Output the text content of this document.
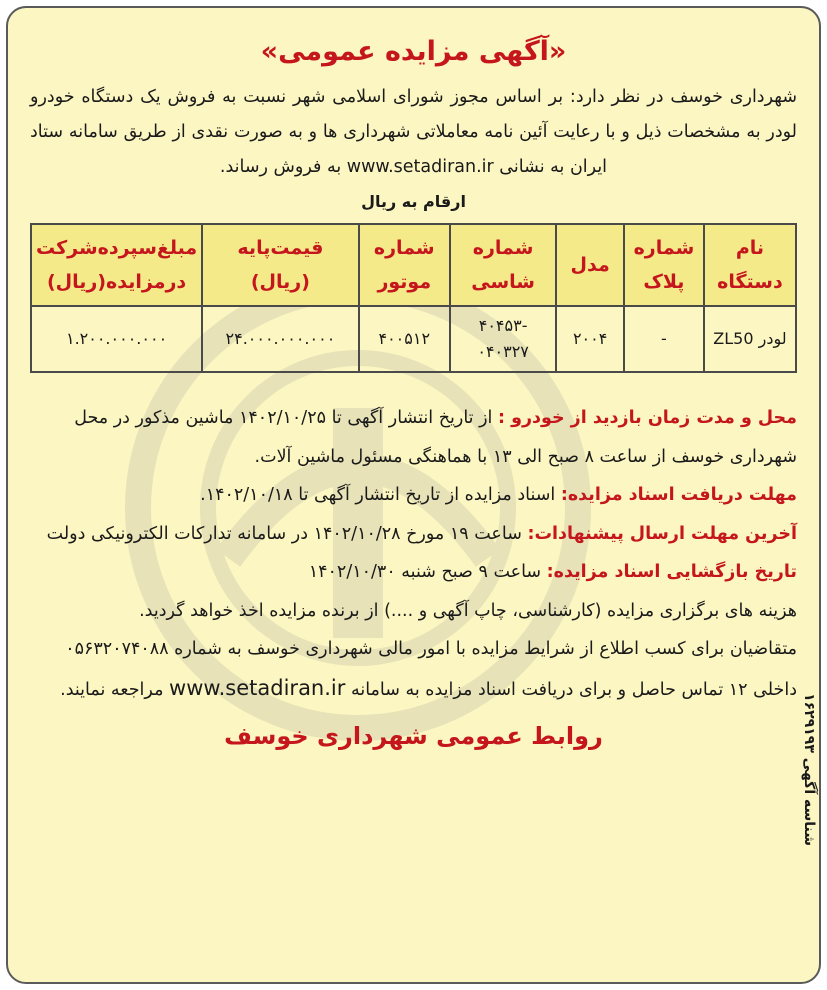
«آگهی مزایده عمومی»

شهرداری خوسف در نظر دارد: بر اساس مجوز شورای اسلامی شهر نسبت به فروش یک دستگاه خودرو لودر به مشخصات ذیل و با رعایت آئین نامه معاملاتی شهرداری ها و به صورت نقدی از طریق سامانه ستاد ایران به نشانی www.setadiran.ir به فروش رساند.

ارقام به ریال
نام دستگاه	شماره پلاک	مدل	شماره شاسی	شماره موتور	قیمت‌پایه (ریال)	مبلغ‌سپرده‌شرکت درمزایده(ریال)
لودر ZL50	-	۲۰۰۴	-۴۰۴۵۳ ۰۴۰۳۲۷	۴۰۰۵۱۲	۲۴.۰۰۰.۰۰۰.۰۰۰	۱.۲۰۰.۰۰۰.۰۰۰

محل و مدت زمان بازدید از خودرو : از تاریخ انتشار آگهی تا ۱۴۰۲/۱۰/۲۵ ماشین مذکور در محل شهرداری خوسف از ساعت ۸ صبح الی ۱۳ با هماهنگی مسئول ماشین آلات.

مهلت دریافت اسناد مزایده: اسناد مزایده از تاریخ انتشار آگهی تا ۱۴۰۲/۱۰/۱۸.

آخرین مهلت ارسال پیشنهادات: ساعت ۱۹ مورخ ۱۴۰۲/۱۰/۲۸ در سامانه تدارکات الکترونیکی دولت تاریخ بازگشایی اسناد مزایده: ساعت ۹ صبح شنبه ۱۴۰۲/۱۰/۳۰

هزینه های برگزاری مزایده (کارشناسی، چاپ آگهی و ....) از برنده مزایده اخذ خواهد گردید.

متقاضیان برای کسب اطلاع از شرایط مزایده با امور مالی شهرداری خوسف به شماره ۰۵۶۳۲۰۷۴۰۸۸ داخلی ۱۲ تماس حاصل و برای دریافت اسناد مزایده به سامانه www.setadiran.ir مراجعه نمایند.

روابط عمومی شهرداری خوسف	شناسه آگهی ۱۶۲۹۱۹۳
